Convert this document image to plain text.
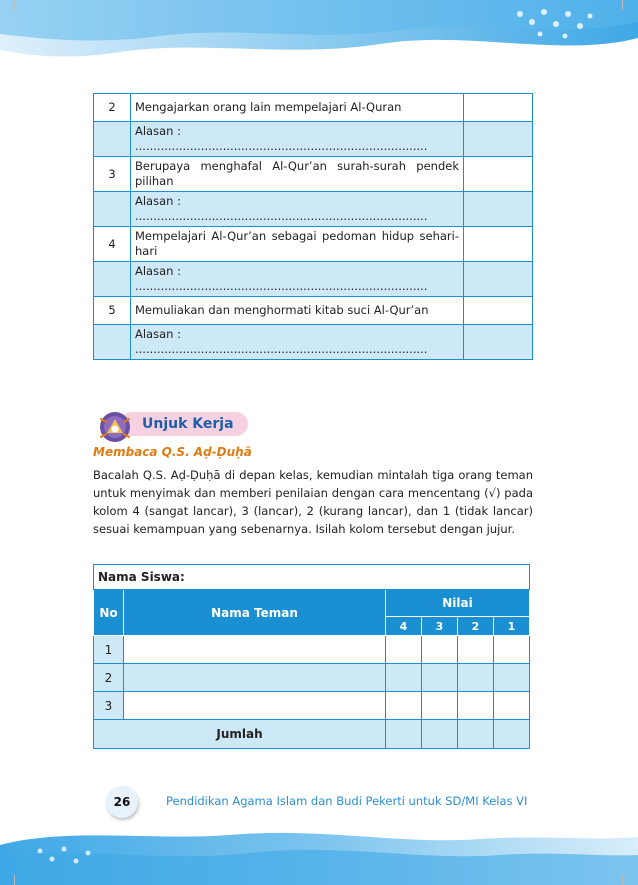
2	Mengajarkan orang lain mempelajari Al-Quran	
	Alasan : ................................................................................	
3	Berupaya menghafal Al-Qur’an surah-surah pendek pilihan	
	Alasan : ................................................................................	
4	Mempelajari Al-Qur’an sebagai pedoman hidup sehari-hari	
	Alasan : ................................................................................	
5	Memuliakan dan menghormati kitab suci Al-Qur’an	
	Alasan : ................................................................................	
Unjuk Kerja
Membaca Q.S. Aḍ-Ḍuḥā
Bacalah Q.S. Aḍ-Ḍuḥā di depan kelas, kemudian mintalah tiga orang teman untuk menyimak dan memberi penilaian dengan cara mencentang (√) pada kolom 4 (sangat lancar), 3 (lancar), 2 (kurang lancar), dan 1 (tidak lancar) sesuai kemampuan yang sebenarnya. Isilah kolom tersebut dengan jujur.
Nama Siswa:					
No	Nama Teman	Nilai			
		4	3	2	1
1					
2					
3					
Jumlah					
26	Pendidikan Agama Islam dan Budi Pekerti untuk SD/MI Kelas VI
